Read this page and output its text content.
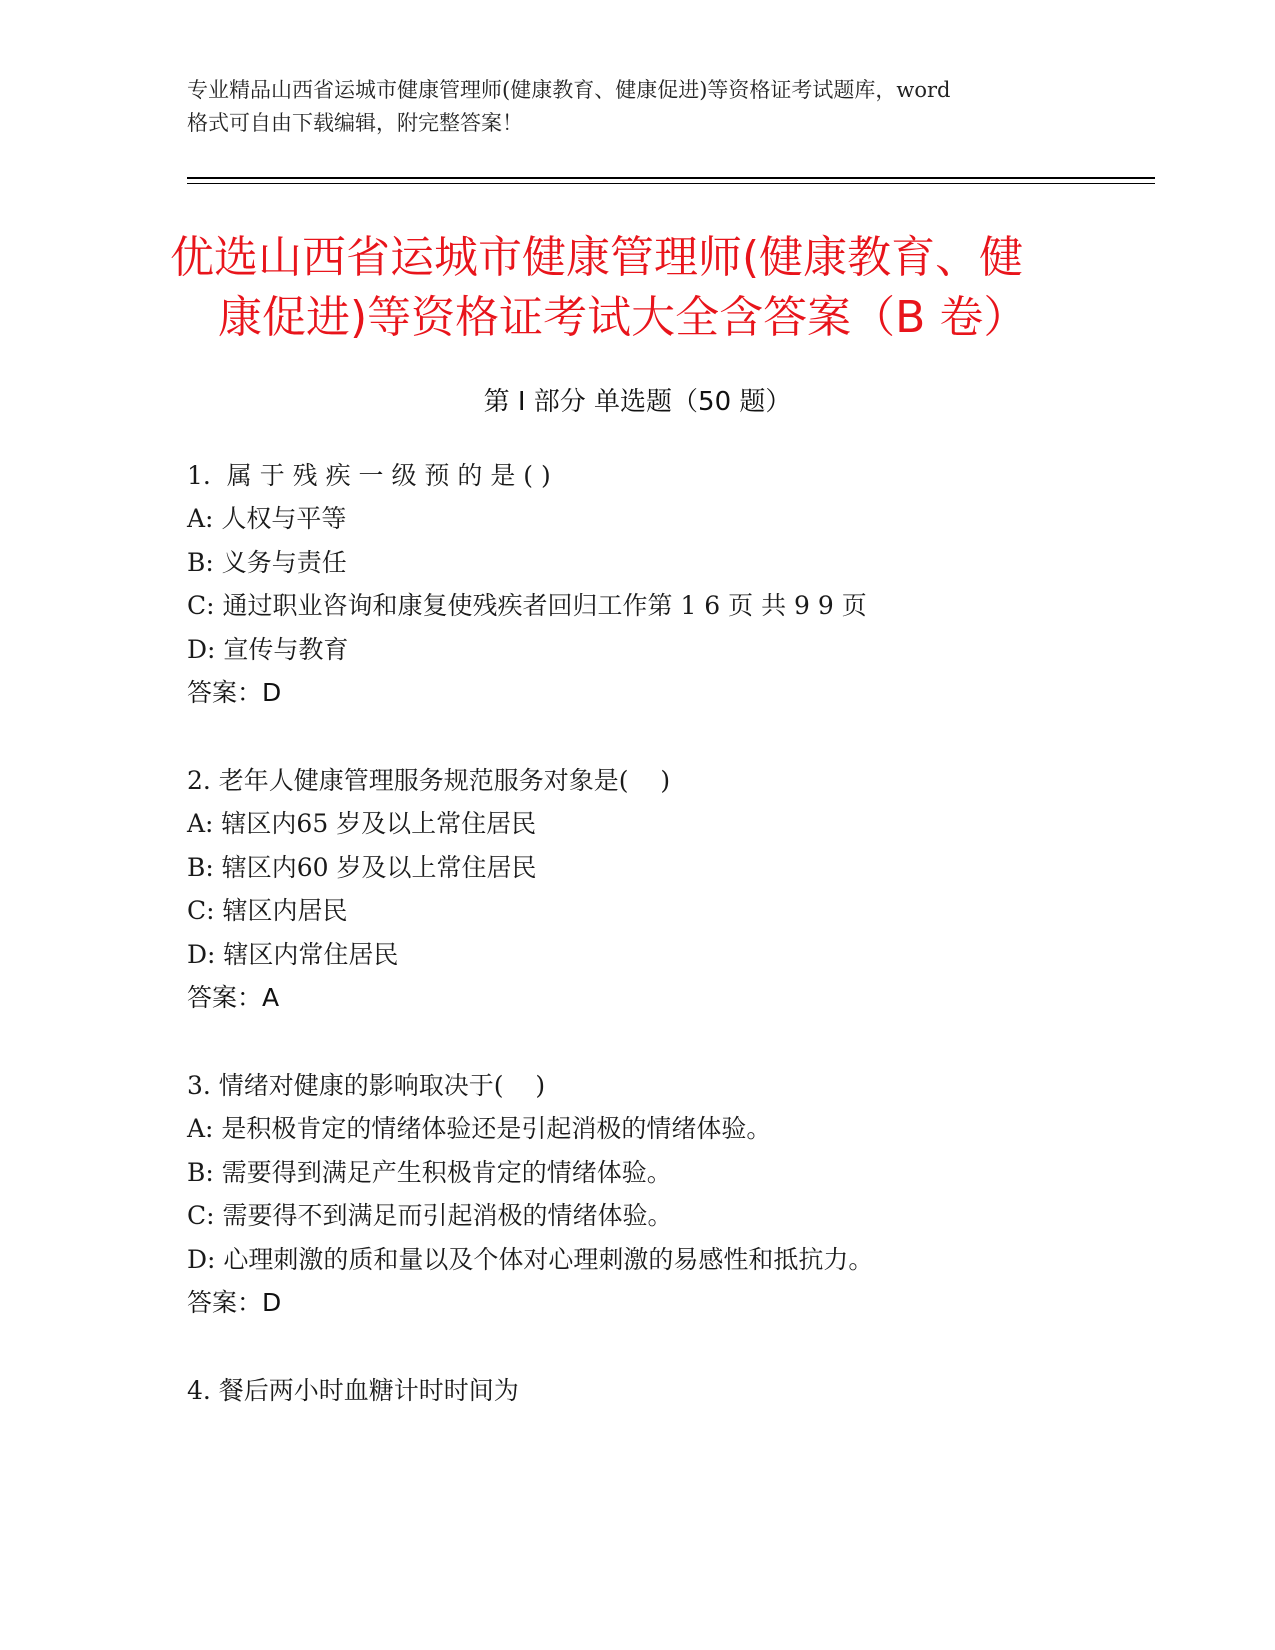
专业精品山西省运城市健康管理师(健康教育、健康促进)等资格证考试题库，word
格式可自由下载编辑，附完整答案！
优选山西省运城市健康管理师(健康教育、健
康促进)等资格证考试大全含答案（B 卷）
第 I 部分 单选题（50 题）
1.  属 于 残 疾 一 级 预 的 是 ( )
A: 人权与平等
B: 义务与责任
C: 通过职业咨询和康复使残疾者回归工作第 1 6 页 共 9 9 页
D: 宣传与教育
答案：D
2. 老年人健康管理服务规范服务对象是(    )
A: 辖区内65 岁及以上常住居民
B: 辖区内60 岁及以上常住居民
C: 辖区内居民
D: 辖区内常住居民
答案：A
3. 情绪对健康的影响取决于(    )
A: 是积极肯定的情绪体验还是引起消极的情绪体验。
B: 需要得到满足产生积极肯定的情绪体验。
C: 需要得不到满足而引起消极的情绪体验。
D: 心理刺激的质和量以及个体对心理刺激的易感性和抵抗力。
答案：D
4. 餐后两小时血糖计时时间为
